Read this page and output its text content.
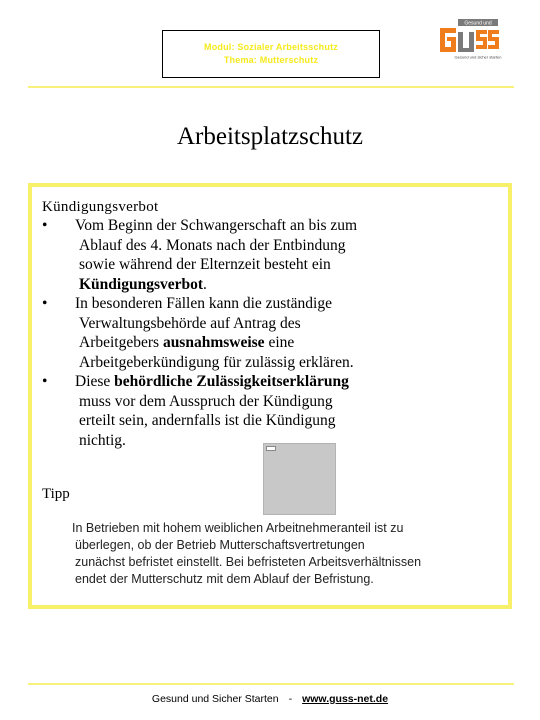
Modul: Sozialer Arbeitsschutz
Thema: Mutterschutz
Gesund und
Gesund und sicher starten
Arbeitsplatzschutz
Kündigungsverbot
• Vom Beginn der Schwangerschaft an bis zum
Ablauf des 4. Monats nach der Entbindung
sowie während der Elternzeit besteht ein
Kündigungsverbot.
• In besonderen Fällen kann die zuständige
Verwaltungsbehörde auf Antrag des
Arbeitgebers ausnahmsweise eine
Arbeitgeberkündigung für zulässig erklären.
• Diese behördliche Zulässigkeitserklärung
muss vor dem Ausspruch der Kündigung
erteilt sein, andernfalls ist die Kündigung
nichtig.
Tipp
In Betrieben mit hohem weiblichen Arbeitnehmeranteil ist zu
überlegen, ob der Betrieb Mutterschaftsvertretungen
zunächst befristet einstellt. Bei befristeten Arbeitsverhältnissen
endet der Mutterschutz mit dem Ablauf der Befristung.
Gesund und Sicher Starten - www.guss-net.de
